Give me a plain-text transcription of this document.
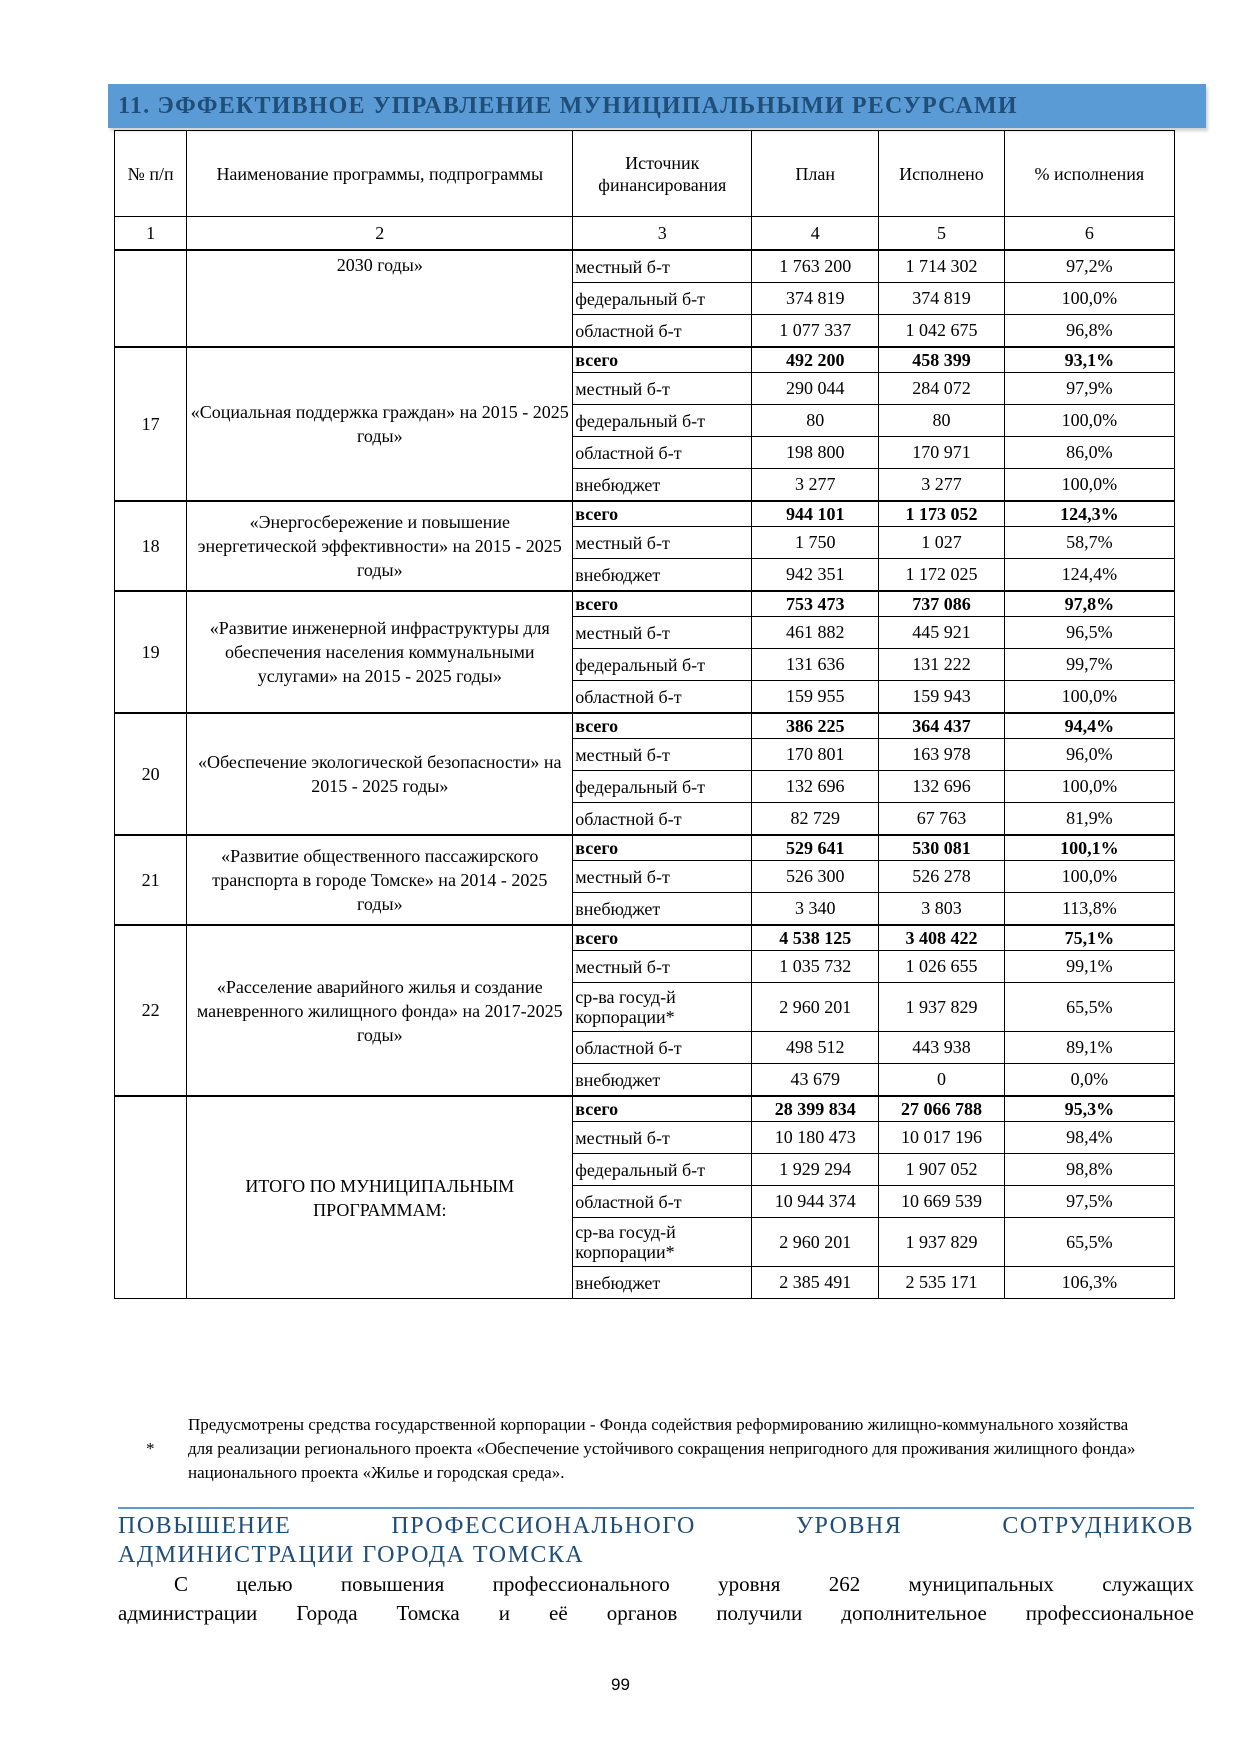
11. ЭФФЕКТИВНОЕ УПРАВЛЕНИЕ МУНИЦИПАЛЬНЫМИ РЕСУРСАМИ
№ п/п	Наименование программы, подпрограммы	Источник финансирования	План	Исполнено	% исполнения
1	2	3	4	5	6
	2030 годы»	местный б-т	1 763 200	1 714 302	97,2%
		федеральный б-т	374 819	374 819	100,0%
		областной б-т	1 077 337	1 042 675	96,8%
17	«Социальная поддержка граждан» на 2015 - 2025 годы»	всего	492 200	458 399	93,1%
		местный б-т	290 044	284 072	97,9%
		федеральный б-т	80	80	100,0%
		областной б-т	198 800	170 971	86,0%
		внебюджет	3 277	3 277	100,0%
18	«Энергосбережение и повышение энергетической эффективности» на 2015 - 2025 годы»	всего	944 101	1 173 052	124,3%
		местный б-т	1 750	1 027	58,7%
		внебюджет	942 351	1 172 025	124,4%
19	«Развитие инженерной инфраструктуры для обеспечения населения коммунальными услугами» на 2015 - 2025 годы»	всего	753 473	737 086	97,8%
		местный б-т	461 882	445 921	96,5%
		федеральный б-т	131 636	131 222	99,7%
		областной б-т	159 955	159 943	100,0%
20	«Обеспечение экологической безопасности» на 2015 - 2025 годы»	всего	386 225	364 437	94,4%
		местный б-т	170 801	163 978	96,0%
		федеральный б-т	132 696	132 696	100,0%
		областной б-т	82 729	67 763	81,9%
21	«Развитие общественного пассажирского транспорта в городе Томске» на 2014 - 2025 годы»	всего	529 641	530 081	100,1%
		местный б-т	526 300	526 278	100,0%
		внебюджет	3 340	3 803	113,8%
22	«Расселение аварийного жилья и создание маневренного жилищного фонда» на 2017-2025 годы»	всего	4 538 125	3 408 422	75,1%
		местный б-т	1 035 732	1 026 655	99,1%
		ср-ва госуд-й корпорации*	2 960 201	1 937 829	65,5%
		областной б-т	498 512	443 938	89,1%
		внебюджет	43 679	0	0,0%
	ИТОГО ПО МУНИЦИПАЛЬНЫМ ПРОГРАММАМ:	всего	28 399 834	27 066 788	95,3%
		местный б-т	10 180 473	10 017 196	98,4%
		федеральный б-т	1 929 294	1 907 052	98,8%
		областной б-т	10 944 374	10 669 539	97,5%
		ср-ва госуд-й корпорации*	2 960 201	1 937 829	65,5%
		внебюджет	2 385 491	2 535 171	106,3%
*
Предусмотрены средства государственной корпорации - Фонда содействия реформированию жилищно-коммунального хозяйства для реализации регионального проекта «Обеспечение устойчивого сокращения непригодного для проживания жилищного фонда» национального проекта «Жилье и городская среда».
ПОВЫШЕНИЕ	ПРОФЕССИОНАЛЬНОГО	УРОВНЯ	СОТРУДНИКОВ
АДМИНИСТРАЦИИ ГОРОДА ТОМСКА
С целью повышения профессионального уровня 262 муниципальных служащих
администрации Города Томска и её органов получили дополнительное профессиональное
99
